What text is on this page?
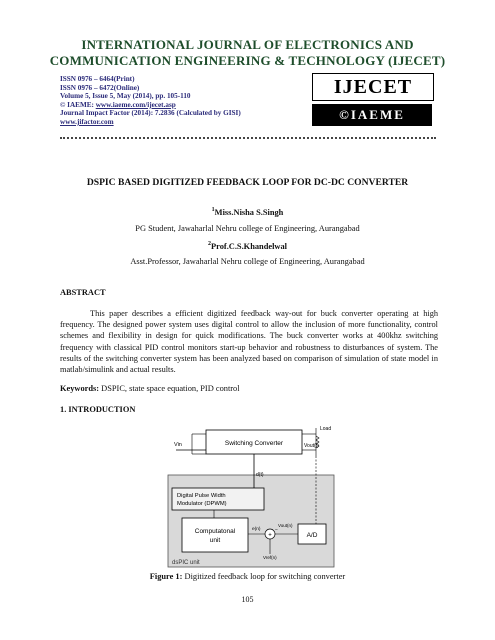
INTERNATIONAL JOURNAL OF ELECTRONICS AND
COMMUNICATION ENGINEERING & TECHNOLOGY (IJECET)
ISSN 0976 – 6464(Print)
ISSN 0976 – 6472(Online)
Volume 5, Issue 5, May (2014), pp. 105-110
© IAEME: www.iaeme.com/ijecet.asp
Journal Impact Factor (2014): 7.2836 (Calculated by GISI)
www.jifactor.com
IJECET
©IAEME
DSPIC BASED DIGITIZED FEEDBACK LOOP FOR DC-DC CONVERTER
$^1$Miss.Nisha S.Singh
PG Student, Jawaharlal Nehru college of Engineering, Aurangabad
$^2$Prof.C.S.Khandelwal
Asst.Professor, Jawaharlal Nehru college of Engineering, Aurangabad
ABSTRACT
This paper describes a efficient digitized feedback way-out for buck converter operating at high frequency. The designed power system uses digital control to allow the inclusion of more functionality, control schemes and flexibility in design for quick modifications. The buck converter works at 400khz switching frequency with classical PID control monitors start-up behavior and robustness to disturbances of system. The results of the switching converter system has been analyzed based on comparison of simulation of state model in matlab/simulink and actual results.
Keywords: DSPIC, state space equation, PID control
1. INTRODUCTION
dsPIC unit
Vin	Switching Converter
Load
Vout(t)
d(t)
Digital Pulse Width
Modulator (DPWM)
Computatonal
unit
+
e(n)
Vout(n)
−
Vref(n)
A/D
Figure 1: Digitized feedback loop for switching converter
105
